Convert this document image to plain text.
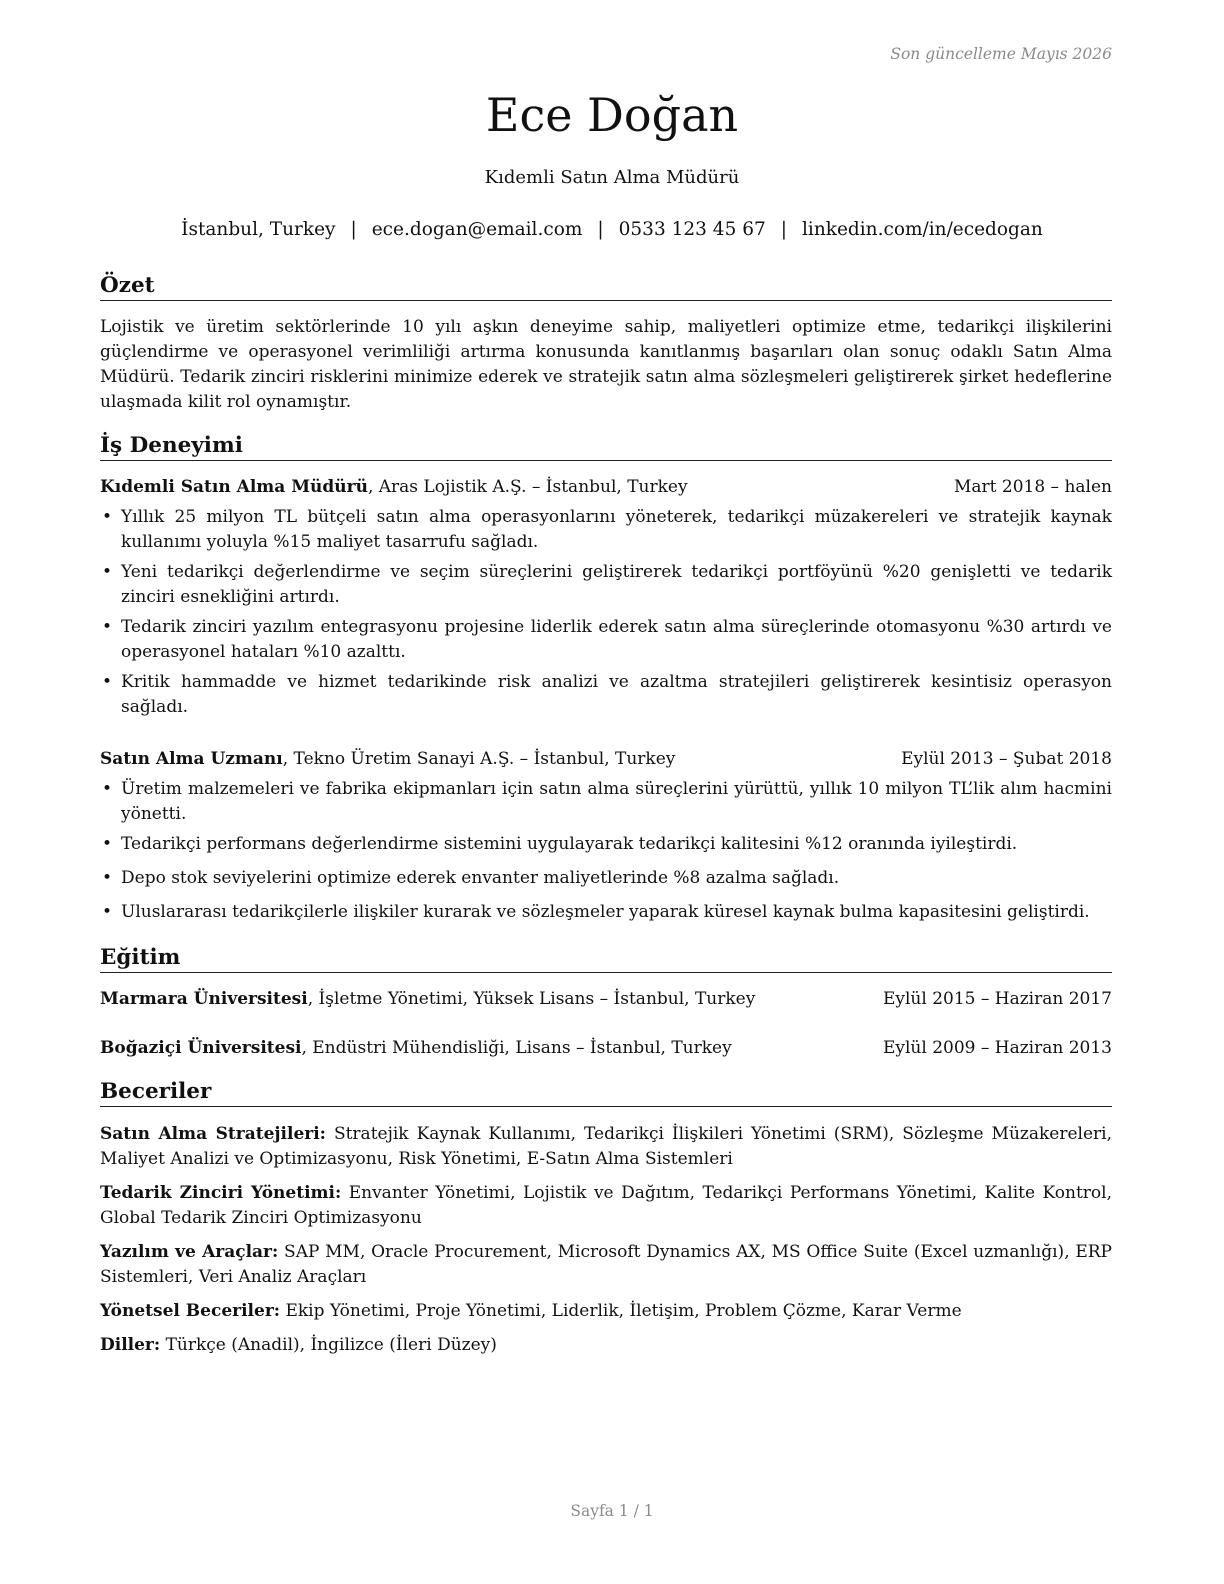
Son güncelleme Mayıs 2026
Ece Doğan
Kıdemli Satın Alma Müdürü
İstanbul, Turkey | ece.dogan@email.com | 0533 123 45 67 | linkedin.com/in/ecedogan
Özet

Lojistik ve üretim sektörlerinde 10 yılı aşkın deneyime sahip, maliyetleri optimize etme, tedarikçi ilişkilerini güçlendirme ve operasyonel verimliliği artırma konusunda kanıtlanmış başarıları olan sonuç odaklı Satın Alma Müdürü. Tedarik zinciri risklerini minimize ederek ve stratejik satın alma sözleşmeleri geliştirerek şirket hedeflerine ulaşmada kilit rol oynamıştır.

İş Deneyimi
Kıdemli Satın Alma Müdürü, Aras Lojistik A.Ş. – İstanbul, Turkey	Mart 2018 – halen
• Yıllık 25 milyon TL bütçeli satın alma operasyonlarını yöneterek, tedarikçi müzakereleri ve stratejik kaynak kullanımı yoluyla %15 maliyet tasarrufu sağladı.
• Yeni tedarikçi değerlendirme ve seçim süreçlerini geliştirerek tedarikçi portföyünü %20 genişletti ve tedarik zinciri esnekliğini artırdı.
• Tedarik zinciri yazılım entegrasyonu projesine liderlik ederek satın alma süreçlerinde otomasyonu %30 artırdı ve operasyonel hataları %10 azalttı.
• Kritik hammadde ve hizmet tedarikinde risk analizi ve azaltma stratejileri geliştirerek kesintisiz operasyon sağladı.
Satın Alma Uzmanı, Tekno Üretim Sanayi A.Ş. – İstanbul, Turkey	Eylül 2013 – Şubat 2018
• Üretim malzemeleri ve fabrika ekipmanları için satın alma süreçlerini yürüttü, yıllık 10 milyon TL’lik alım hacmini yönetti.
• Tedarikçi performans değerlendirme sistemini uygulayarak tedarikçi kalitesini %12 oranında iyileştirdi.
• Depo stok seviyelerini optimize ederek envanter maliyetlerinde %8 azalma sağladı.
• Uluslararası tedarikçilerle ilişkiler kurarak ve sözleşmeler yaparak küresel kaynak bulma kapasitesini geliştirdi.
Eğitim
Marmara Üniversitesi, İşletme Yönetimi, Yüksek Lisans – İstanbul, Turkey	Eylül 2015 – Haziran 2017
Boğaziçi Üniversitesi, Endüstri Mühendisliği, Lisans – İstanbul, Turkey	Eylül 2009 – Haziran 2013
Beceriler

Satın Alma Stratejileri: Stratejik Kaynak Kullanımı, Tedarikçi İlişkileri Yönetimi (SRM), Sözleşme Müzakereleri, Maliyet Analizi ve Optimizasyonu, Risk Yönetimi, E-Satın Alma Sistemleri

Tedarik Zinciri Yönetimi: Envanter Yönetimi, Lojistik ve Dağıtım, Tedarikçi Performans Yönetimi, Kalite Kontrol, Global Tedarik Zinciri Optimizasyonu

Yazılım ve Araçlar: SAP MM, Oracle Procurement, Microsoft Dynamics AX, MS Office Suite (Excel uzmanlığı), ERP Sistemleri, Veri Analiz Araçları

Yönetsel Beceriler: Ekip Yönetimi, Proje Yönetimi, Liderlik, İletişim, Problem Çözme, Karar Verme

Diller: Türkçe (Anadil), İngilizce (İleri Düzey)

Sayfa 1 / 1
